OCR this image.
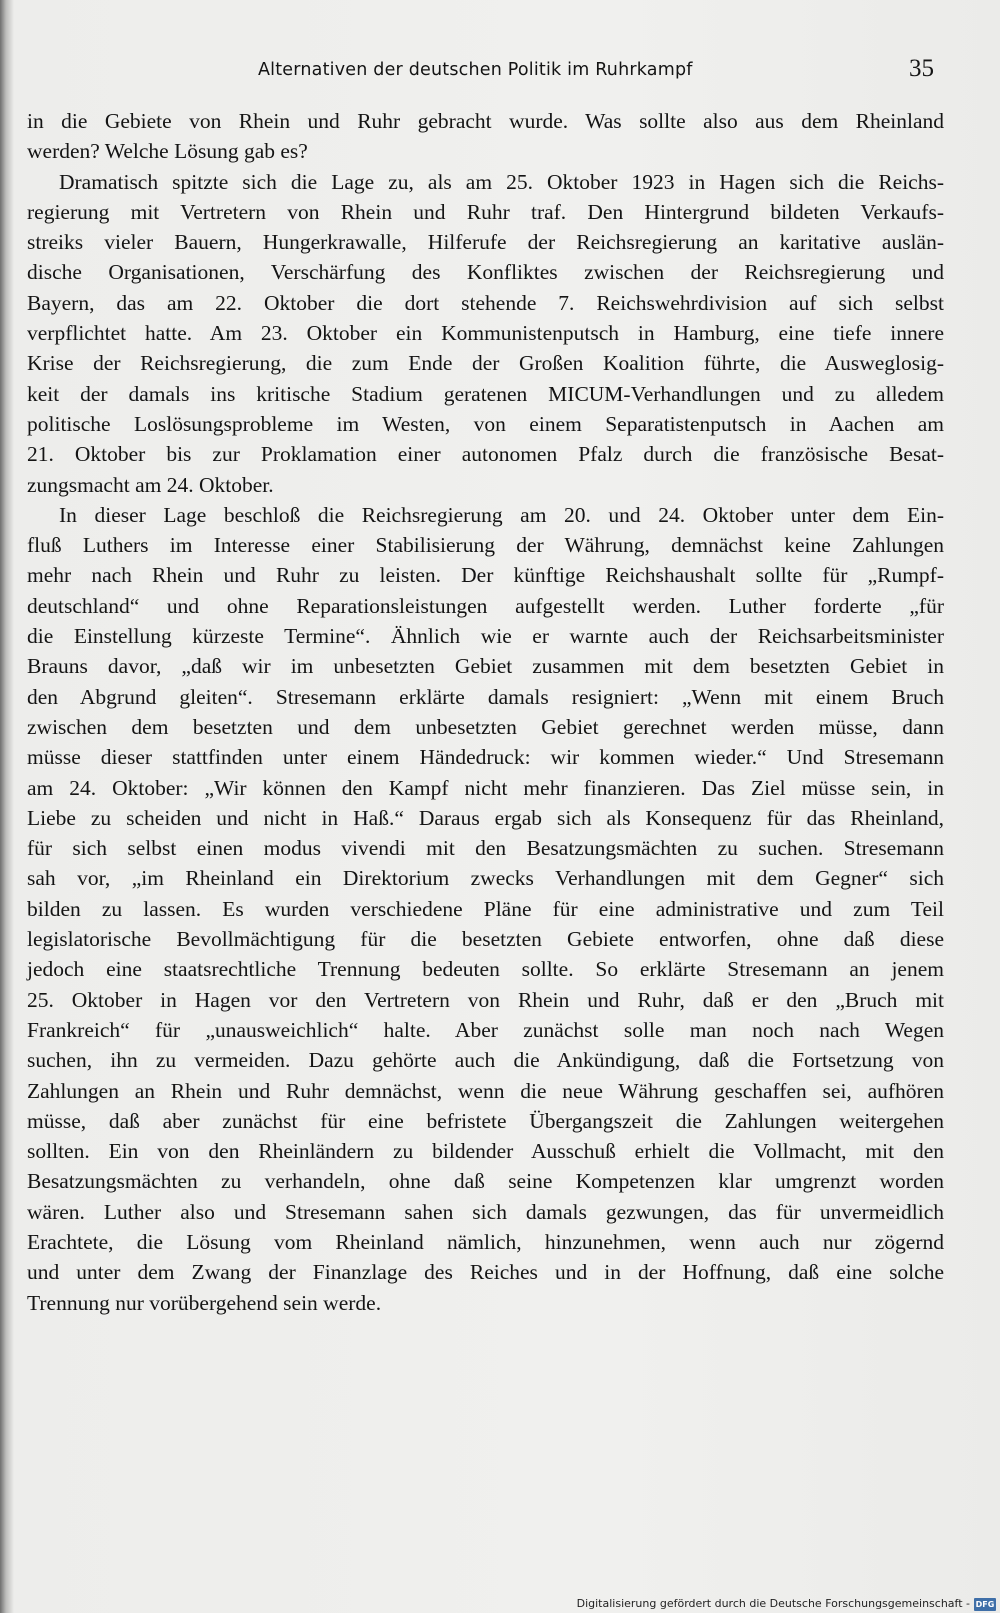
Alternativen der deutschen Politik im Ruhrkampf	35
in die Gebiete von Rhein und Ruhr gebracht wurde. Was sollte also aus dem Rheinland
werden? Welche Lösung gab es?
Dramatisch spitzte sich die Lage zu, als am 25. Oktober 1923 in Hagen sich die Reichs-
regierung mit Vertretern von Rhein und Ruhr traf. Den Hintergrund bildeten Verkaufs-
streiks vieler Bauern, Hungerkrawalle, Hilferufe der Reichsregierung an karitative auslän-
dische Organisationen, Verschärfung des Konfliktes zwischen der Reichsregierung und
Bayern, das am 22. Oktober die dort stehende 7. Reichswehrdivision auf sich selbst
verpflichtet hatte. Am 23. Oktober ein Kommunistenputsch in Hamburg, eine tiefe innere
Krise der Reichsregierung, die zum Ende der Großen Koalition führte, die Ausweglosig-
keit der damals ins kritische Stadium geratenen MICUM-Verhandlungen und zu alledem
politische Loslösungsprobleme im Westen, von einem Separatistenputsch in Aachen am
21. Oktober bis zur Proklamation einer autonomen Pfalz durch die französische Besat-
zungsmacht am 24. Oktober.
In dieser Lage beschloß die Reichsregierung am 20. und 24. Oktober unter dem Ein-
fluß Luthers im Interesse einer Stabilisierung der Währung, demnächst keine Zahlungen
mehr nach Rhein und Ruhr zu leisten. Der künftige Reichshaushalt sollte für „Rumpf-
deutschland“ und ohne Reparationsleistungen aufgestellt werden. Luther forderte „für
die Einstellung kürzeste Termine“. Ähnlich wie er warnte auch der Reichsarbeitsminister
Brauns davor, „daß wir im unbesetzten Gebiet zusammen mit dem besetzten Gebiet in
den Abgrund gleiten“. Stresemann erklärte damals resigniert: „Wenn mit einem Bruch
zwischen dem besetzten und dem unbesetzten Gebiet gerechnet werden müsse, dann
müsse dieser stattfinden unter einem Händedruck: wir kommen wieder.“ Und Stresemann
am 24. Oktober: „Wir können den Kampf nicht mehr finanzieren. Das Ziel müsse sein, in
Liebe zu scheiden und nicht in Haß.“ Daraus ergab sich als Konsequenz für das Rheinland,
für sich selbst einen modus vivendi mit den Besatzungsmächten zu suchen. Stresemann
sah vor, „im Rheinland ein Direktorium zwecks Verhandlungen mit dem Gegner“ sich
bilden zu lassen. Es wurden verschiedene Pläne für eine administrative und zum Teil
legislatorische Bevollmächtigung für die besetzten Gebiete entworfen, ohne daß diese
jedoch eine staatsrechtliche Trennung bedeuten sollte. So erklärte Stresemann an jenem
25. Oktober in Hagen vor den Vertretern von Rhein und Ruhr, daß er den „Bruch mit
Frankreich“ für „unausweichlich“ halte. Aber zunächst solle man noch nach Wegen
suchen, ihn zu vermeiden. Dazu gehörte auch die Ankündigung, daß die Fortsetzung von
Zahlungen an Rhein und Ruhr demnächst, wenn die neue Währung geschaffen sei, aufhören
müsse, daß aber zunächst für eine befristete Übergangszeit die Zahlungen weitergehen
sollten. Ein von den Rheinländern zu bildender Ausschuß erhielt die Vollmacht, mit den
Besatzungsmächten zu verhandeln, ohne daß seine Kompetenzen klar umgrenzt worden
wären. Luther also und Stresemann sahen sich damals gezwungen, das für unvermeidlich
Erachtete, die Lösung vom Rheinland nämlich, hinzunehmen, wenn auch nur zögernd
und unter dem Zwang der Finanzlage des Reiches und in der Hoffnung, daß eine solche
Trennung nur vorübergehend sein werde.
Digitalisierung gefördert durch die Deutsche Forschungsgemeinschaft - DFG
